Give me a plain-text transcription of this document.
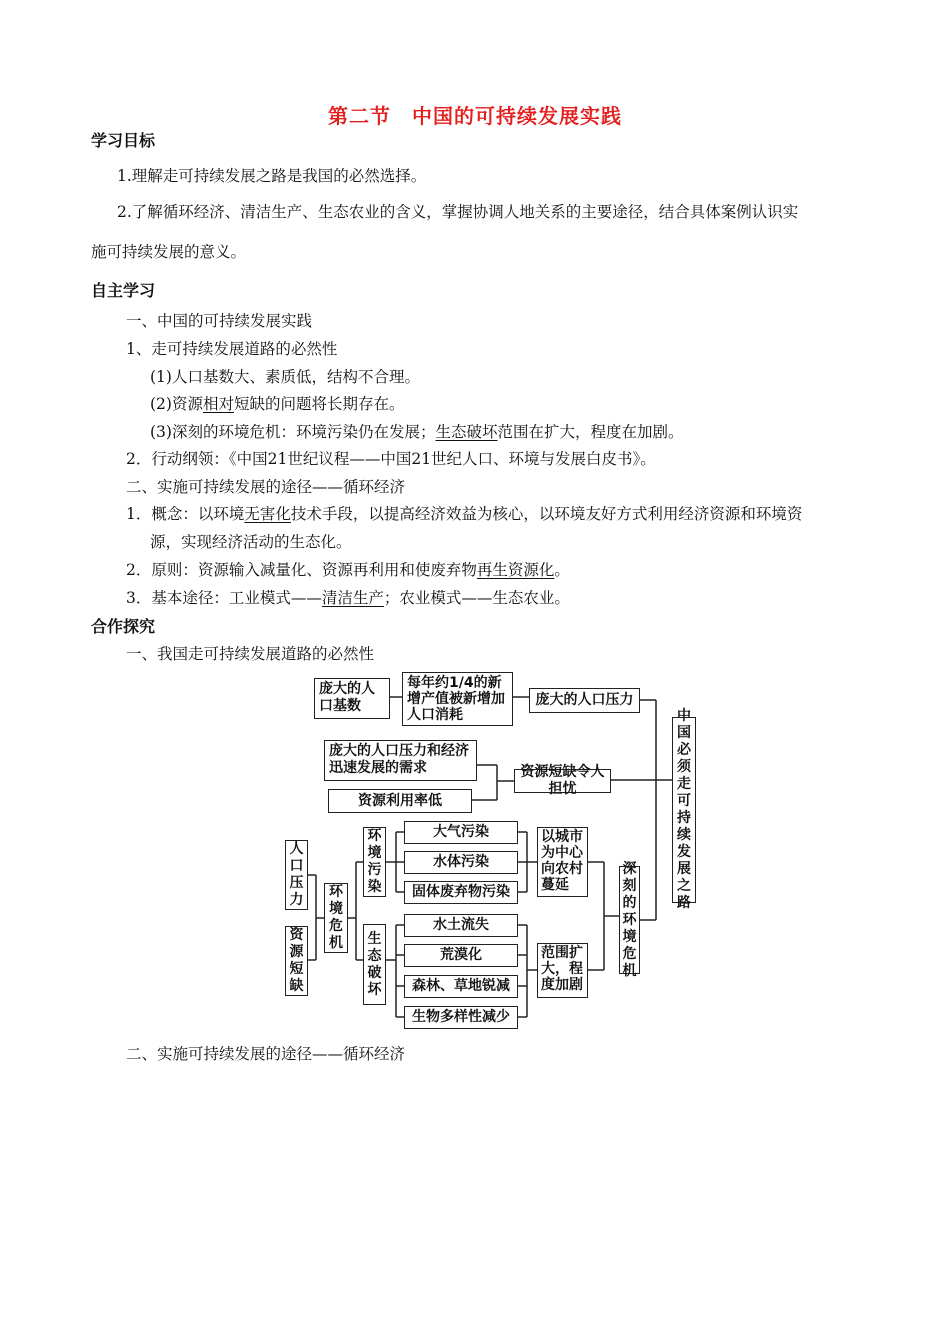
第二节　中国的可持续发展实践
学习目标
1.理解走可持续发展之路是我国的必然选择。
2.了解循环经济、清洁生产、生态农业的含义，掌握协调人地关系的主要途径，结合具体案例认识实
施可持续发展的意义。
自主学习
一、中国的可持续发展实践
1、走可持续发展道路的必然性
(1)人口基数大、素质低，结构不合理。
(2)资源相对短缺的问题将长期存在。
(3)深刻的环境危机：环境污染仍在发展；生态破坏范围在扩大，程度在加剧。
2．行动纲领：《中国21世纪议程——中国21世纪人口、环境与发展白皮书》。
二、实施可持续发展的途径——循环经济
1．概念：以环境无害化技术手段，以提高经济效益为核心，以环境友好方式利用经济资源和环境资
源，实现经济活动的生态化。
2．原则：资源输入减量化、资源再利用和使废弃物再生资源化。
3．基本途径：工业模式——清洁生产；农业模式——生态农业。
合作探究
一、我国走可持续发展道路的必然性
庞大的人口基数
每年约1/4的新增产值被新增加人口消耗
庞大的人口压力
庞大的人口压力和经济迅速发展的需求
资源利用率低
资源短缺令人担忧
中国必须走可持续发展之路
人口压力
资源短缺
环境危机
环境污染
生态破坏
大气污染
水体污染
固体废弃物污染
以城市为中心向农村蔓延
水土流失
荒漠化
森林、草地锐减
生物多样性减少
范围扩大，程度加剧
深刻的环境危机
二、实施可持续发展的途径——循环经济
